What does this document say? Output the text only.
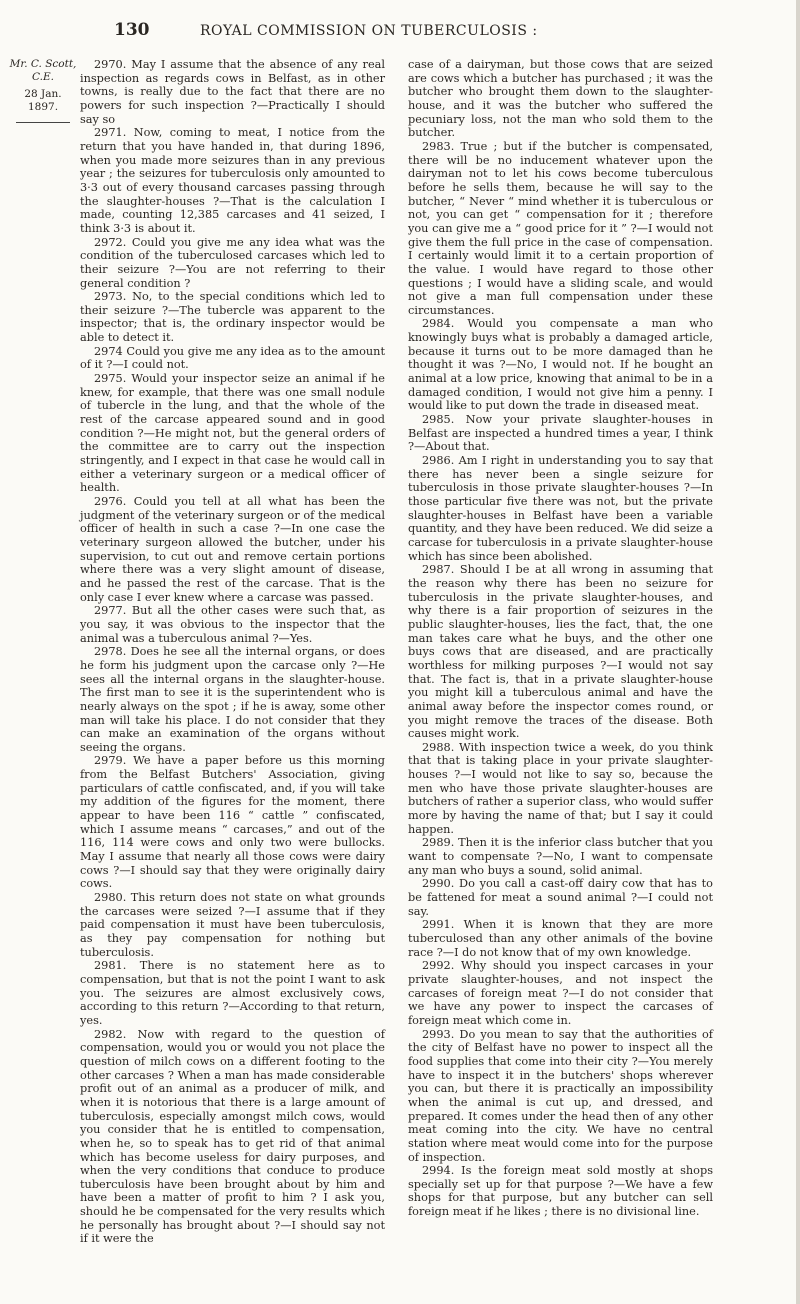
130	ROYAL COMMISSION ON TUBERCULOSIS :
Mr. C. Scott, C.E.
28 Jan. 1897.

2970. May I assume that the absence of any real inspection as regards cows in Belfast, as in other towns, is really due to the fact that there are no powers for such inspection ?—Practically I should say so

2971. Now, coming to meat, I notice from the return that you have handed in, that during 1896, when you made more seizures than in any previous year ; the seizures for tuberculosis only amounted to 3·3 out of every thousand carcases passing through the slaughter-houses ?—That is the calculation I made, counting 12,385 carcases and 41 seized, I think 3·3 is about it.

2972. Could you give me any idea what was the condition of the tuberculosed carcases which led to their seizure ?—You are not referring to their general condition ?

2973. No, to the special conditions which led to their seizure ?—The tubercle was apparent to the inspector; that is, the ordinary inspector would be able to detect it.

2974 Could you give me any idea as to the amount of it ?—I could not.

2975. Would your inspector seize an animal if he knew, for example, that there was one small nodule of tubercle in the lung, and that the whole of the rest of the carcase appeared sound and in good condition ?—He might not, but the general orders of the committee are to carry out the inspection stringently, and I expect in that case he would call in either a veterinary surgeon or a medical officer of health.

2976. Could you tell at all what has been the judgment of the veterinary surgeon or of the medical officer of health in such a case ?—In one case the veterinary surgeon allowed the butcher, under his supervision, to cut out and remove certain portions where there was a very slight amount of disease, and he passed the rest of the carcase. That is the only case I ever knew where a carcase was passed.

2977. But all the other cases were such that, as you say, it was obvious to the inspector that the animal was a tuberculous animal ?—Yes.

2978. Does he see all the internal organs, or does he form his judgment upon the carcase only ?—He sees all the internal organs in the slaughter-house. The first man to see it is the superintendent who is nearly always on the spot ; if he is away, some other man will take his place. I do not consider that they can make an examination of the organs without seeing the organs.

2979. We have a paper before us this morning from the Belfast Butchers' Association, giving particulars of cattle confiscated, and, if you will take my addition of the figures for the moment, there appear to have been 116 “ cattle ” confiscated, which I assume means “ carcases,” and out of the 116, 114 were cows and only two were bullocks. May I assume that nearly all those cows were dairy cows ?—I should say that they were originally dairy cows.

2980. This return does not state on what grounds the carcases were seized ?—I assume that if they paid compensation it must have been tuberculosis, as they pay compensation for nothing but tuberculosis.

2981. There is no statement here as to compensation, but that is not the point I want to ask you. The seizures are almost exclusively cows, according to this return ?—According to that return, yes.

2982. Now with regard to the question of compensation, would you or would you not place the question of milch cows on a different footing to the other carcases ? When a man has made considerable profit out of an animal as a producer of milk, and when it is notorious that there is a large amount of tuberculosis, especially amongst milch cows, would you consider that he is entitled to compensation, when he, so to speak has to get rid of that animal which has become useless for dairy purposes, and when the very conditions that conduce to produce tuberculosis have been brought about by him and have been a matter of profit to him ? I ask you, should he be compensated for the very results which he personally has brought about ?—I should say not if it were the

case of a dairyman, but those cows that are seized are cows which a butcher has purchased ; it was the butcher who brought them down to the slaughter-house, and it was the butcher who suffered the pecuniary loss, not the man who sold them to the butcher.

2983. True ; but if the butcher is compensated, there will be no inducement whatever upon the dairyman not to let his cows become tuberculous before he sells them, because he will say to the butcher, “ Never “ mind whether it is tuberculous or not, you can get “ compensation for it ; therefore you can give me a “ good price for it ” ?—I would not give them the full price in the case of compensation. I certainly would limit it to a certain proportion of the value. I would have regard to those other questions ; I would have a sliding scale, and would not give a man full compensation under these circumstances.

2984. Would you compensate a man who knowingly buys what is probably a damaged article, because it turns out to be more damaged than he thought it was ?—No, I would not. If he bought an animal at a low price, knowing that animal to be in a damaged condition, I would not give him a penny. I would like to put down the trade in diseased meat.

2985. Now your private slaughter-houses in Belfast are inspected a hundred times a year, I think ?—About that.

2986. Am I right in understanding you to say that there has never been a single seizure for tuberculosis in those private slaughter-houses ?—In those particular five there was not, but the private slaughter-houses in Belfast have been a variable quantity, and they have been reduced. We did seize a carcase for tuberculosis in a private slaughter-house which has since been abolished.

2987. Should I be at all wrong in assuming that the reason why there has been no seizure for tuberculosis in the private slaughter-houses, and why there is a fair proportion of seizures in the public slaughter-houses, lies the fact, that, the one man takes care what he buys, and the other one buys cows that are diseased, and are practically worthless for milking purposes ?—I would not say that. The fact is, that in a private slaughter-house you might kill a tuberculous animal and have the animal away before the inspector comes round, or you might remove the traces of the disease. Both causes might work.

2988. With inspection twice a week, do you think that that is taking place in your private slaughter-houses ?—I would not like to say so, because the men who have those private slaughter-houses are butchers of rather a superior class, who would suffer more by having the name of that; but I say it could happen.

2989. Then it is the inferior class butcher that you want to compensate ?—No, I want to compensate any man who buys a sound, solid animal.

2990. Do you call a cast-off dairy cow that has to be fattened for meat a sound animal ?—I could not say.

2991. When it is known that they are more tuberculosed than any other animals of the bovine race ?—I do not know that of my own knowledge.

2992. Why should you inspect carcases in your private slaughter-houses, and not inspect the carcases of foreign meat ?—I do not consider that we have any power to inspect the carcases of foreign meat which come in.

2993. Do you mean to say that the authorities of the city of Belfast have no power to inspect all the food supplies that come into their city ?—You merely have to inspect it in the butchers' shops wherever you can, but there it is practically an impossibility when the animal is cut up, and dressed, and prepared. It comes under the head then of any other meat coming into the city. We have no central station where meat would come into for the purpose of inspection.

2994. Is the foreign meat sold mostly at shops specially set up for that purpose ?—We have a few shops for that purpose, but any butcher can sell foreign meat if he likes ; there is no divisional line.
